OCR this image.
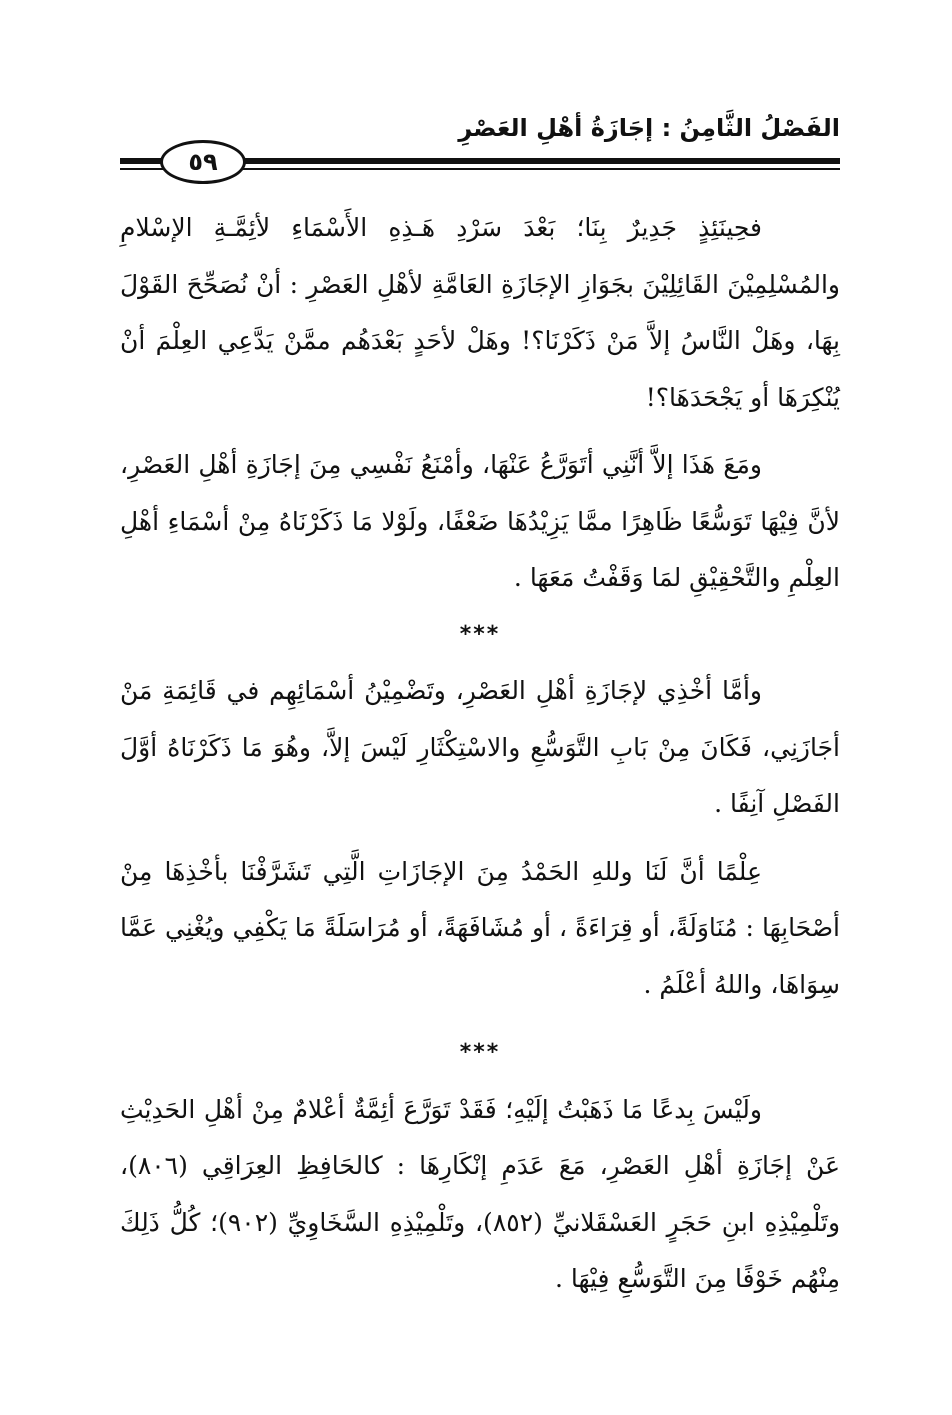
الفَصْلُ الثَّامِنُ : إجَازَةُ أهْلِ العَصْرِ
٥٩

فحِينَئِذٍ جَدِيرٌ بِنَا؛ بَعْدَ سَرْدِ هَـذِهِ الأَسْمَاءِ لأئِمَّـةِ الإسْلامِ والمُسْلِمِيْنَ القَائِلِيْنَ بجَوَازِ الإجَازَةِ العَامَّةِ لأهْلِ العَصْرِ : أنْ نُصَحِّحَ القَوْلَ بِهَا، وهَلْ النَّاسُ إلاَّ مَنْ ذَكَرْنَا؟! وهَلْ لأحَدٍ بَعْدَهُم ممَّنْ يَدَّعِي العِلْمَ أنْ يُنْكِرَهَا أو يَجْحَدَهَا؟!

ومَعَ هَذَا إلاَّ أنَّنِي أتَوَرَّعُ عَنْهَا، وأمْنَعُ نَفْسِي مِنَ إجَازَةِ أهْلِ العَصْرِ، لأنَّ فِيْهَا تَوَسُّعًا ظَاهِرًا ممَّا يَزِيْدُهَا ضَعْفًا، ولَوْلا مَا ذَكَرْنَاهُ مِنْ أسْمَاءِ أهْلِ العِلْمِ والتَّحْقِيْقِ لمَا وَقَفْتُ مَعَهَا .

***

وأمَّا أخْذِي لإجَازَةِ أهْلِ العَصْرِ، وتَضْمِيْنُ أسْمَائِهِم في قَائِمَةِ مَنْ أجَازَنِي، فَكَانَ مِنْ بَابِ التَّوَسُّعِ والاسْتِكْثَارِ لَيْسَ إلاَّ، وهُوَ مَا ذَكَرْنَاهُ أوَّلَ الفَصْلِ آنِفًا .

عِلْمًا أنَّ لَنَا وللهِ الحَمْدُ مِنَ الإجَازَاتِ الَّتِي تَشَرَّفْنَا بأخْذِهَا مِنْ أصْحَابِهَا : مُنَاوَلَةً، أو قِرَاءَةً ، أو مُشَافَهَةً، أو مُرَاسَلَةً مَا يَكْفِي ويُغْنِي عَمَّا سِوَاهَا، واللهُ أعْلَمُ .

***

ولَيْسَ بِدعًا مَا ذَهَبْتُ إلَيْهِ؛ فَقَدْ تَوَرَّعَ أئِمَّةٌ أعْلامٌ مِنْ أهْلِ الحَدِيْثِ عَنْ إجَازَةِ أهْلِ العَصْرِ، مَعَ عَدَمِ إنْكَارِهَا : كالحَافِظِ العِرَاقِي (٨٠٦)، وتَلْمِيْذِهِ ابنِ حَجَرٍ العَسْقَلانيِّ (٨٥٢)، وتَلْمِيْذِهِ السَّخَاوِيِّ (٩٠٢)؛ كُلُّ ذَلِكَ مِنْهُم خَوْفًا مِنَ التَّوَسُّعِ فِيْهَا .
